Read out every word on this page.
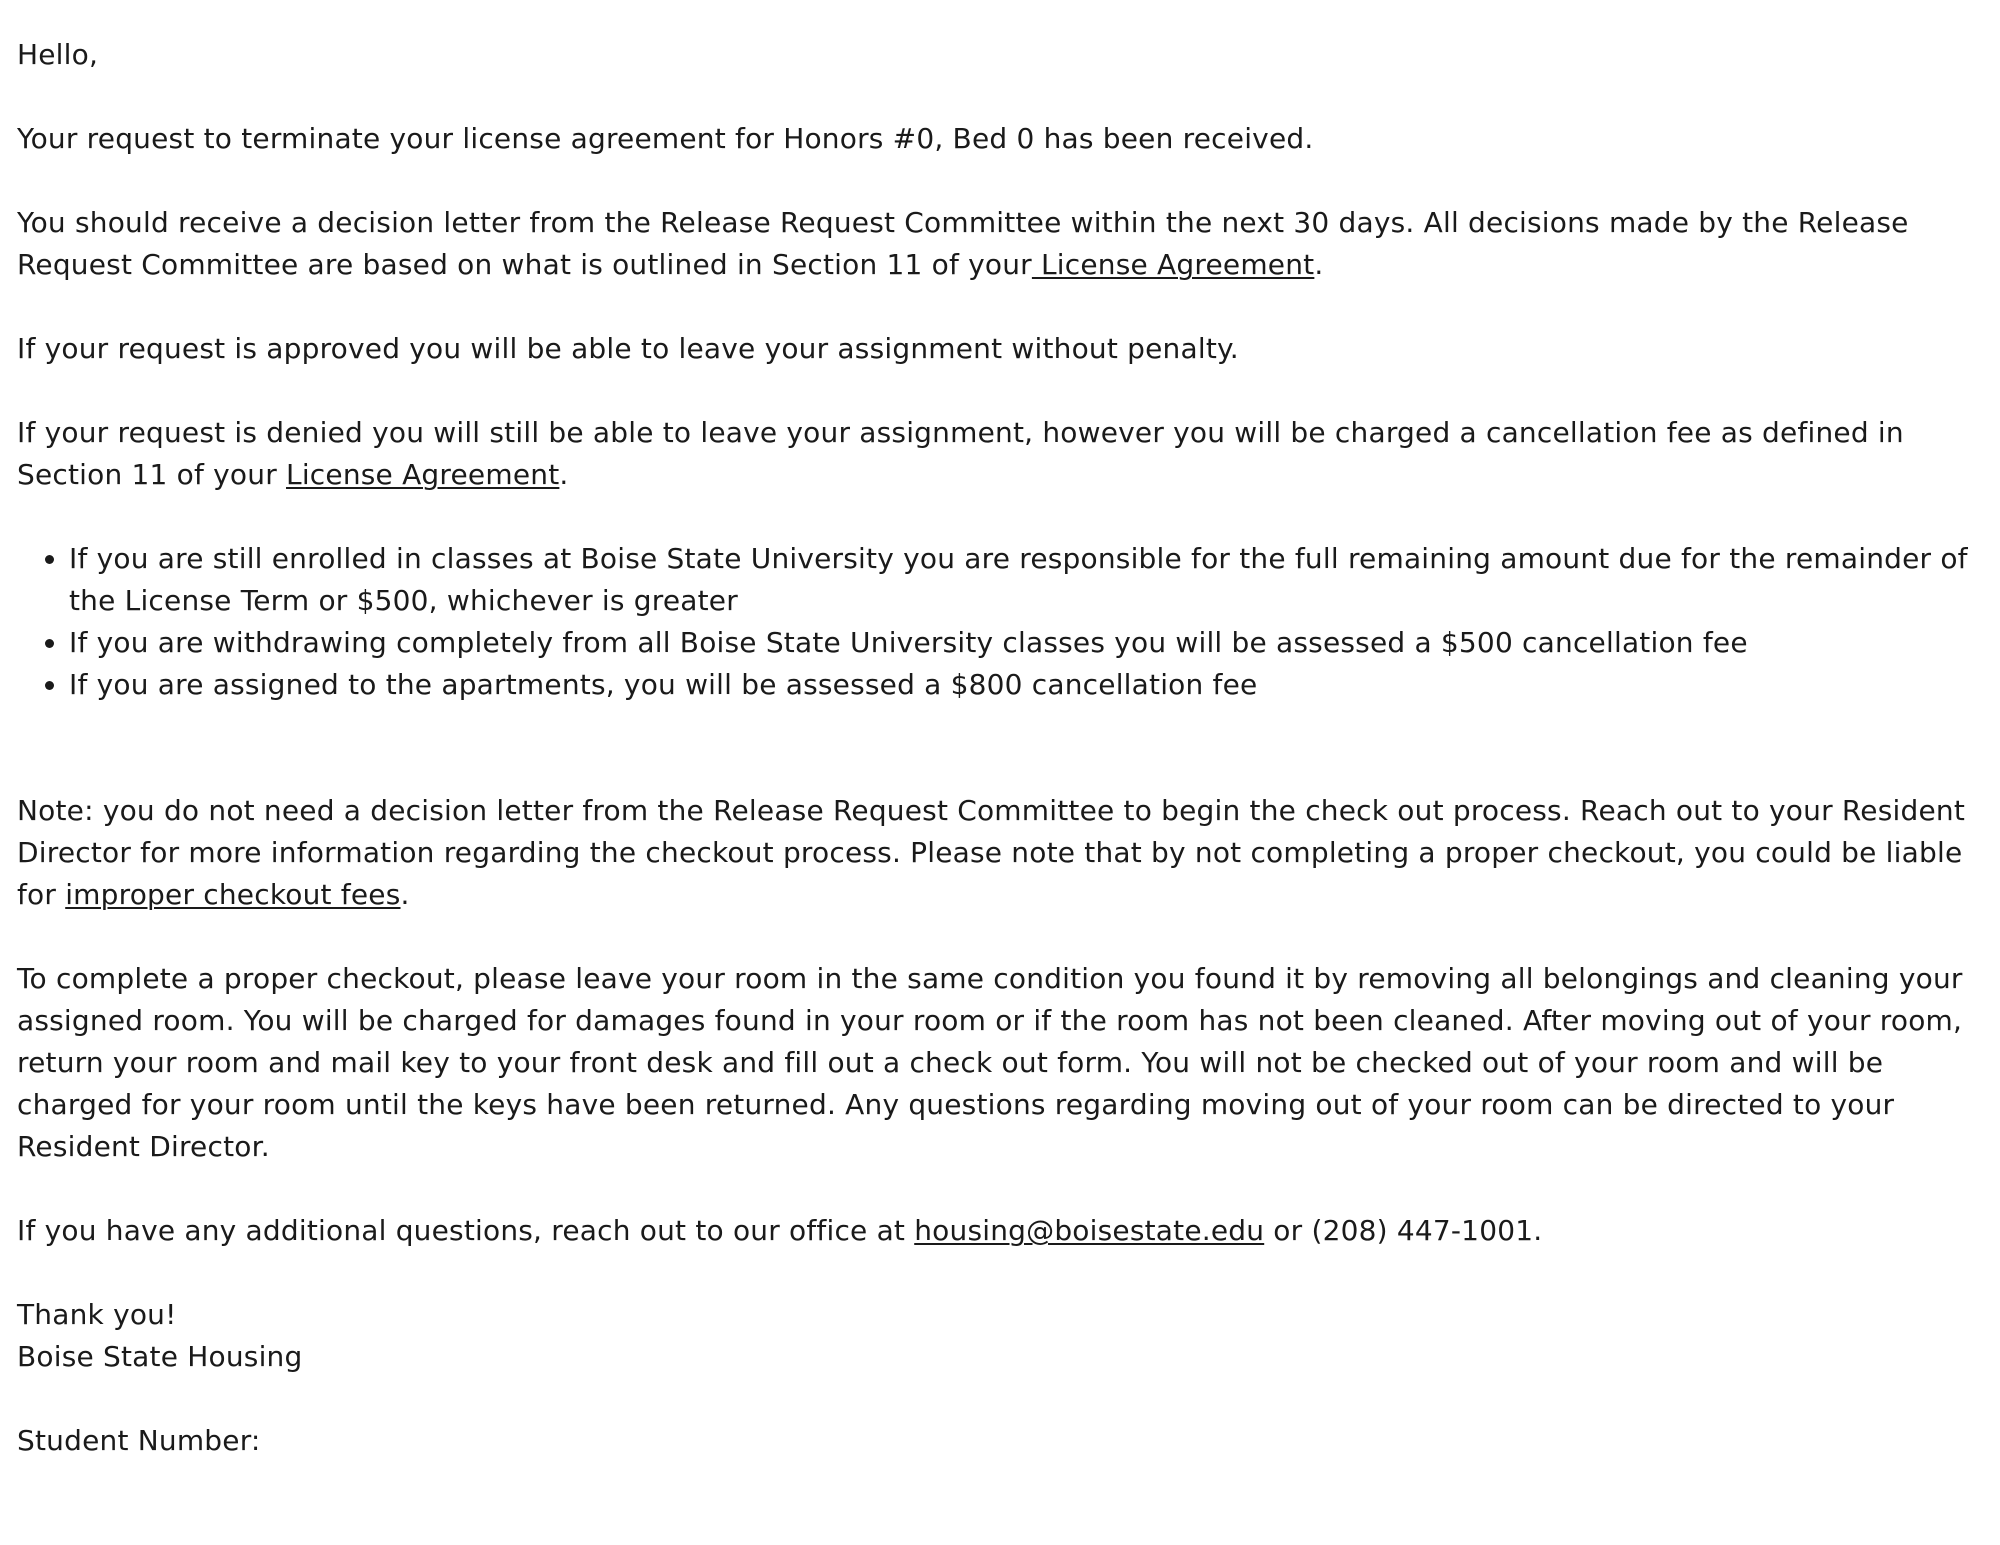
Hello,

Your request to terminate your license agreement for Honors #0, Bed 0 has been received.

You should receive a decision letter from the Release Request Committee within the next 30 days. All decisions made by the Release Request Committee are based on what is outlined in Section 11 of your License Agreement.

If your request is approved you will be able to leave your assignment without penalty.

If your request is denied you will still be able to leave your assignment, however you will be charged a cancellation fee as defined in Section 11 of your License Agreement.

• If you are still enrolled in classes at Boise State University you are responsible for the full remaining amount due for the remainder of the License Term or $500, whichever is greater
• If you are withdrawing completely from all Boise State University classes you will be assessed a $500 cancellation fee
• If you are assigned to the apartments, you will be assessed a $800 cancellation fee

Note: you do not need a decision letter from the Release Request Committee to begin the check out process. Reach out to your Resident Director for more information regarding the checkout process. Please note that by not completing a proper checkout, you could be liable for improper checkout fees.

To complete a proper checkout, please leave your room in the same condition you found it by removing all belongings and cleaning your assigned room. You will be charged for damages found in your room or if the room has not been cleaned. After moving out of your room, return your room and mail key to your front desk and fill out a check out form. You will not be checked out of your room and will be charged for your room until the keys have been returned. Any questions regarding moving out of your room can be directed to your Resident Director.

If you have any additional questions, reach out to our office at housing@boisestate.edu or (208) 447-1001.

Thank you!

Boise State Housing

Student Number:
